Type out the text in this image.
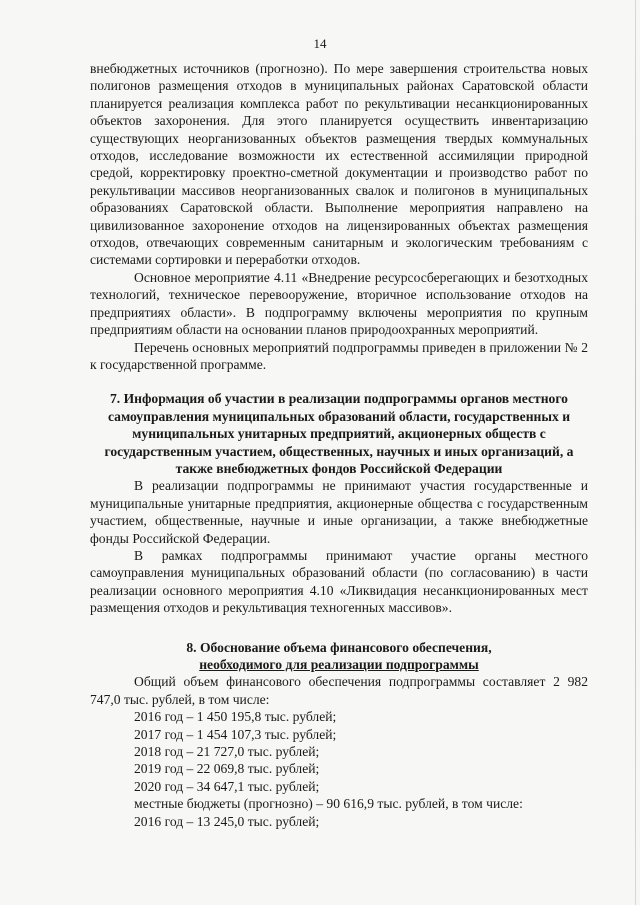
14

внебюджетных источников (прогнозно). По мере завершения строительства новых полигонов размещения отходов в муниципальных районах Саратовской области планируется реализация комплекса работ по рекультивации несанкционированных объектов захоронения. Для этого планируется осуществить инвентаризацию существующих неорганизованных объектов размещения твердых коммунальных отходов, исследование возможности их естественной ассимиляции природной средой, корректировку проектно-сметной документации и производство работ по рекультивации массивов неорганизованных свалок и полигонов в муниципальных образованиях Саратовской области. Выполнение мероприятия направлено на цивилизованное захоронение отходов на лицензированных объектах размещения отходов, отвечающих современным санитарным и экологическим требованиям с системами сортировки и переработки отходов.

Основное мероприятие 4.11 «Внедрение ресурсосберегающих и безотходных технологий, техническое перевооружение, вторичное использование отходов на предприятиях области». В подпрограмму включены мероприятия по крупным предприятиям области на основании планов природоохранных мероприятий.

Перечень основных мероприятий подпрограммы приведен в приложении № 2 к государственной программе.

7. Информация об участии в реализации подпрограммы органов местного самоуправления муниципальных образований области, государственных и муниципальных унитарных предприятий, акционерных обществ с государственным участием, общественных, научных и иных организаций, а также внебюджетных фондов Российской Федерации

В реализации подпрограммы не принимают участия государственные и муниципальные унитарные предприятия, акционерные общества с государственным участием, общественные, научные и иные организации, а также внебюджетные фонды Российской Федерации.

В рамках подпрограммы принимают участие органы местного самоуправления муниципальных образований области (по согласованию) в части реализации основного мероприятия 4.10 «Ликвидация несанкционированных мест размещения отходов и рекультивация техногенных массивов».

8. Обоснование объема финансового обеспечения,
необходимого для реализации подпрограммы

Общий объем финансового обеспечения подпрограммы составляет 2 982 747,0 тыс. рублей, в том числе:

2016 год – 1 450 195,8 тыс. рублей;

2017 год – 1 454 107,3 тыс. рублей;

2018 год – 21 727,0 тыс. рублей;

2019 год – 22 069,8 тыс. рублей;

2020 год – 34 647,1 тыс. рублей;

местные бюджеты (прогнозно) – 90 616,9 тыс. рублей, в том числе:

2016 год – 13 245,0 тыс. рублей;
